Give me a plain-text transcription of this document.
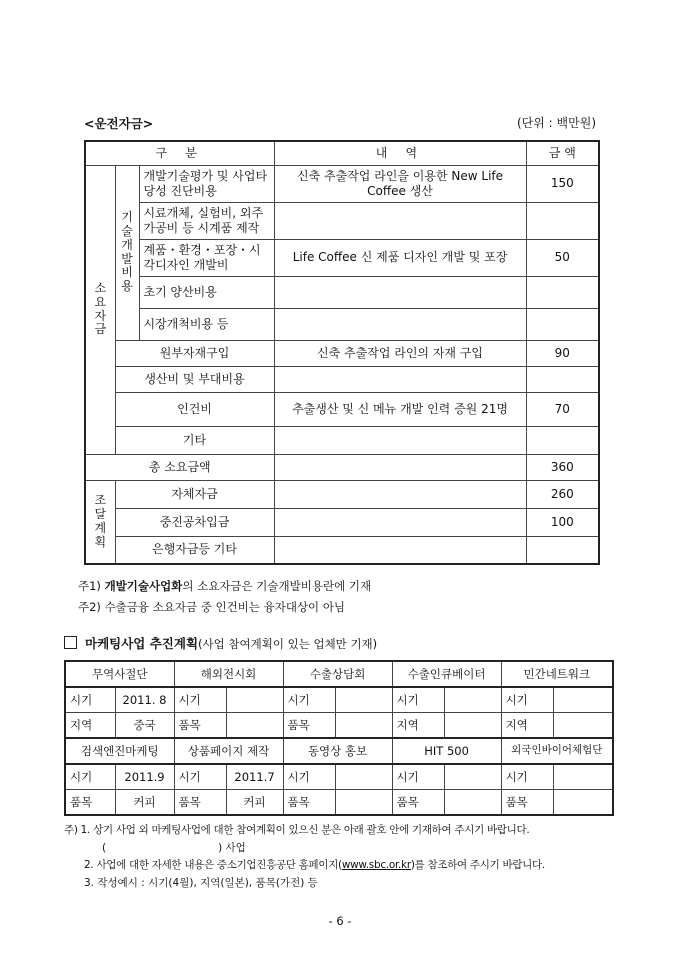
<운전자금>	(단위 : 백만원)
구 분			내 역	금 액

소요자금	기술개발비용	개발기술평가 및 사업타당성 진단비용	신축 추출작업 라인을 이용한 New Life Coffee 생산	150
		시료개체, 실험비, 외주가공비 등 시계품 제작		
		계품・환경・포장・시각디자인 개발비	Life Coffee 신 제품 디자인 개발 및 포장	50
		초기 양산비용		
		시장개척비용 등		
	원부자재구입		신축 추출작업 라인의 자재 구입	90
	생산비 및 부대비용			
	인건비		추출생산 및 신 메뉴 개발 인력 증원 21명	70
	기타			
총 소요금액				360

조달계획	자체자금			260
	중진공차입금			100
	은행자금등 기타			
주1) 개발기술사업화의 소요자금은 기술개발비용란에 기재
주2) 수출금융 소요자금 중 인건비는 융자대상이 아님
마케팅사업 추진계획(사업 참여계획이 있는 업체만 기재)
무역사절단		해외전시회		수출상담회		수출인큐베이터		민간네트워크	
시기	2011. 8	시기		시기		시기		시기	
지역	중국	품목		품목		지역		지역	
검색엔진마케팅		상품페이지 제작		동영상 홍보		HIT 500		외국인바이어체험단	
시기	2011.9	시기	2011.7	시기		시기		시기	
품목	커피	품목	커피	품목		품목		품목	
주) 1. 상기 사업 외 마케팅사업에 대한 참여계획이 있으신 분은 아래 괄호 안에 기재하여 주시기 바랍니다.
(	) 사업
2. 사업에 대한 자세한 내용은 중소기업진흥공단 홈페이지(www.sbc.or.kr)를 참조하여 주시기 바랍니다.
3. 작성예시 : 시기(4월), 지역(일본), 품목(가전) 등
- 6 -
